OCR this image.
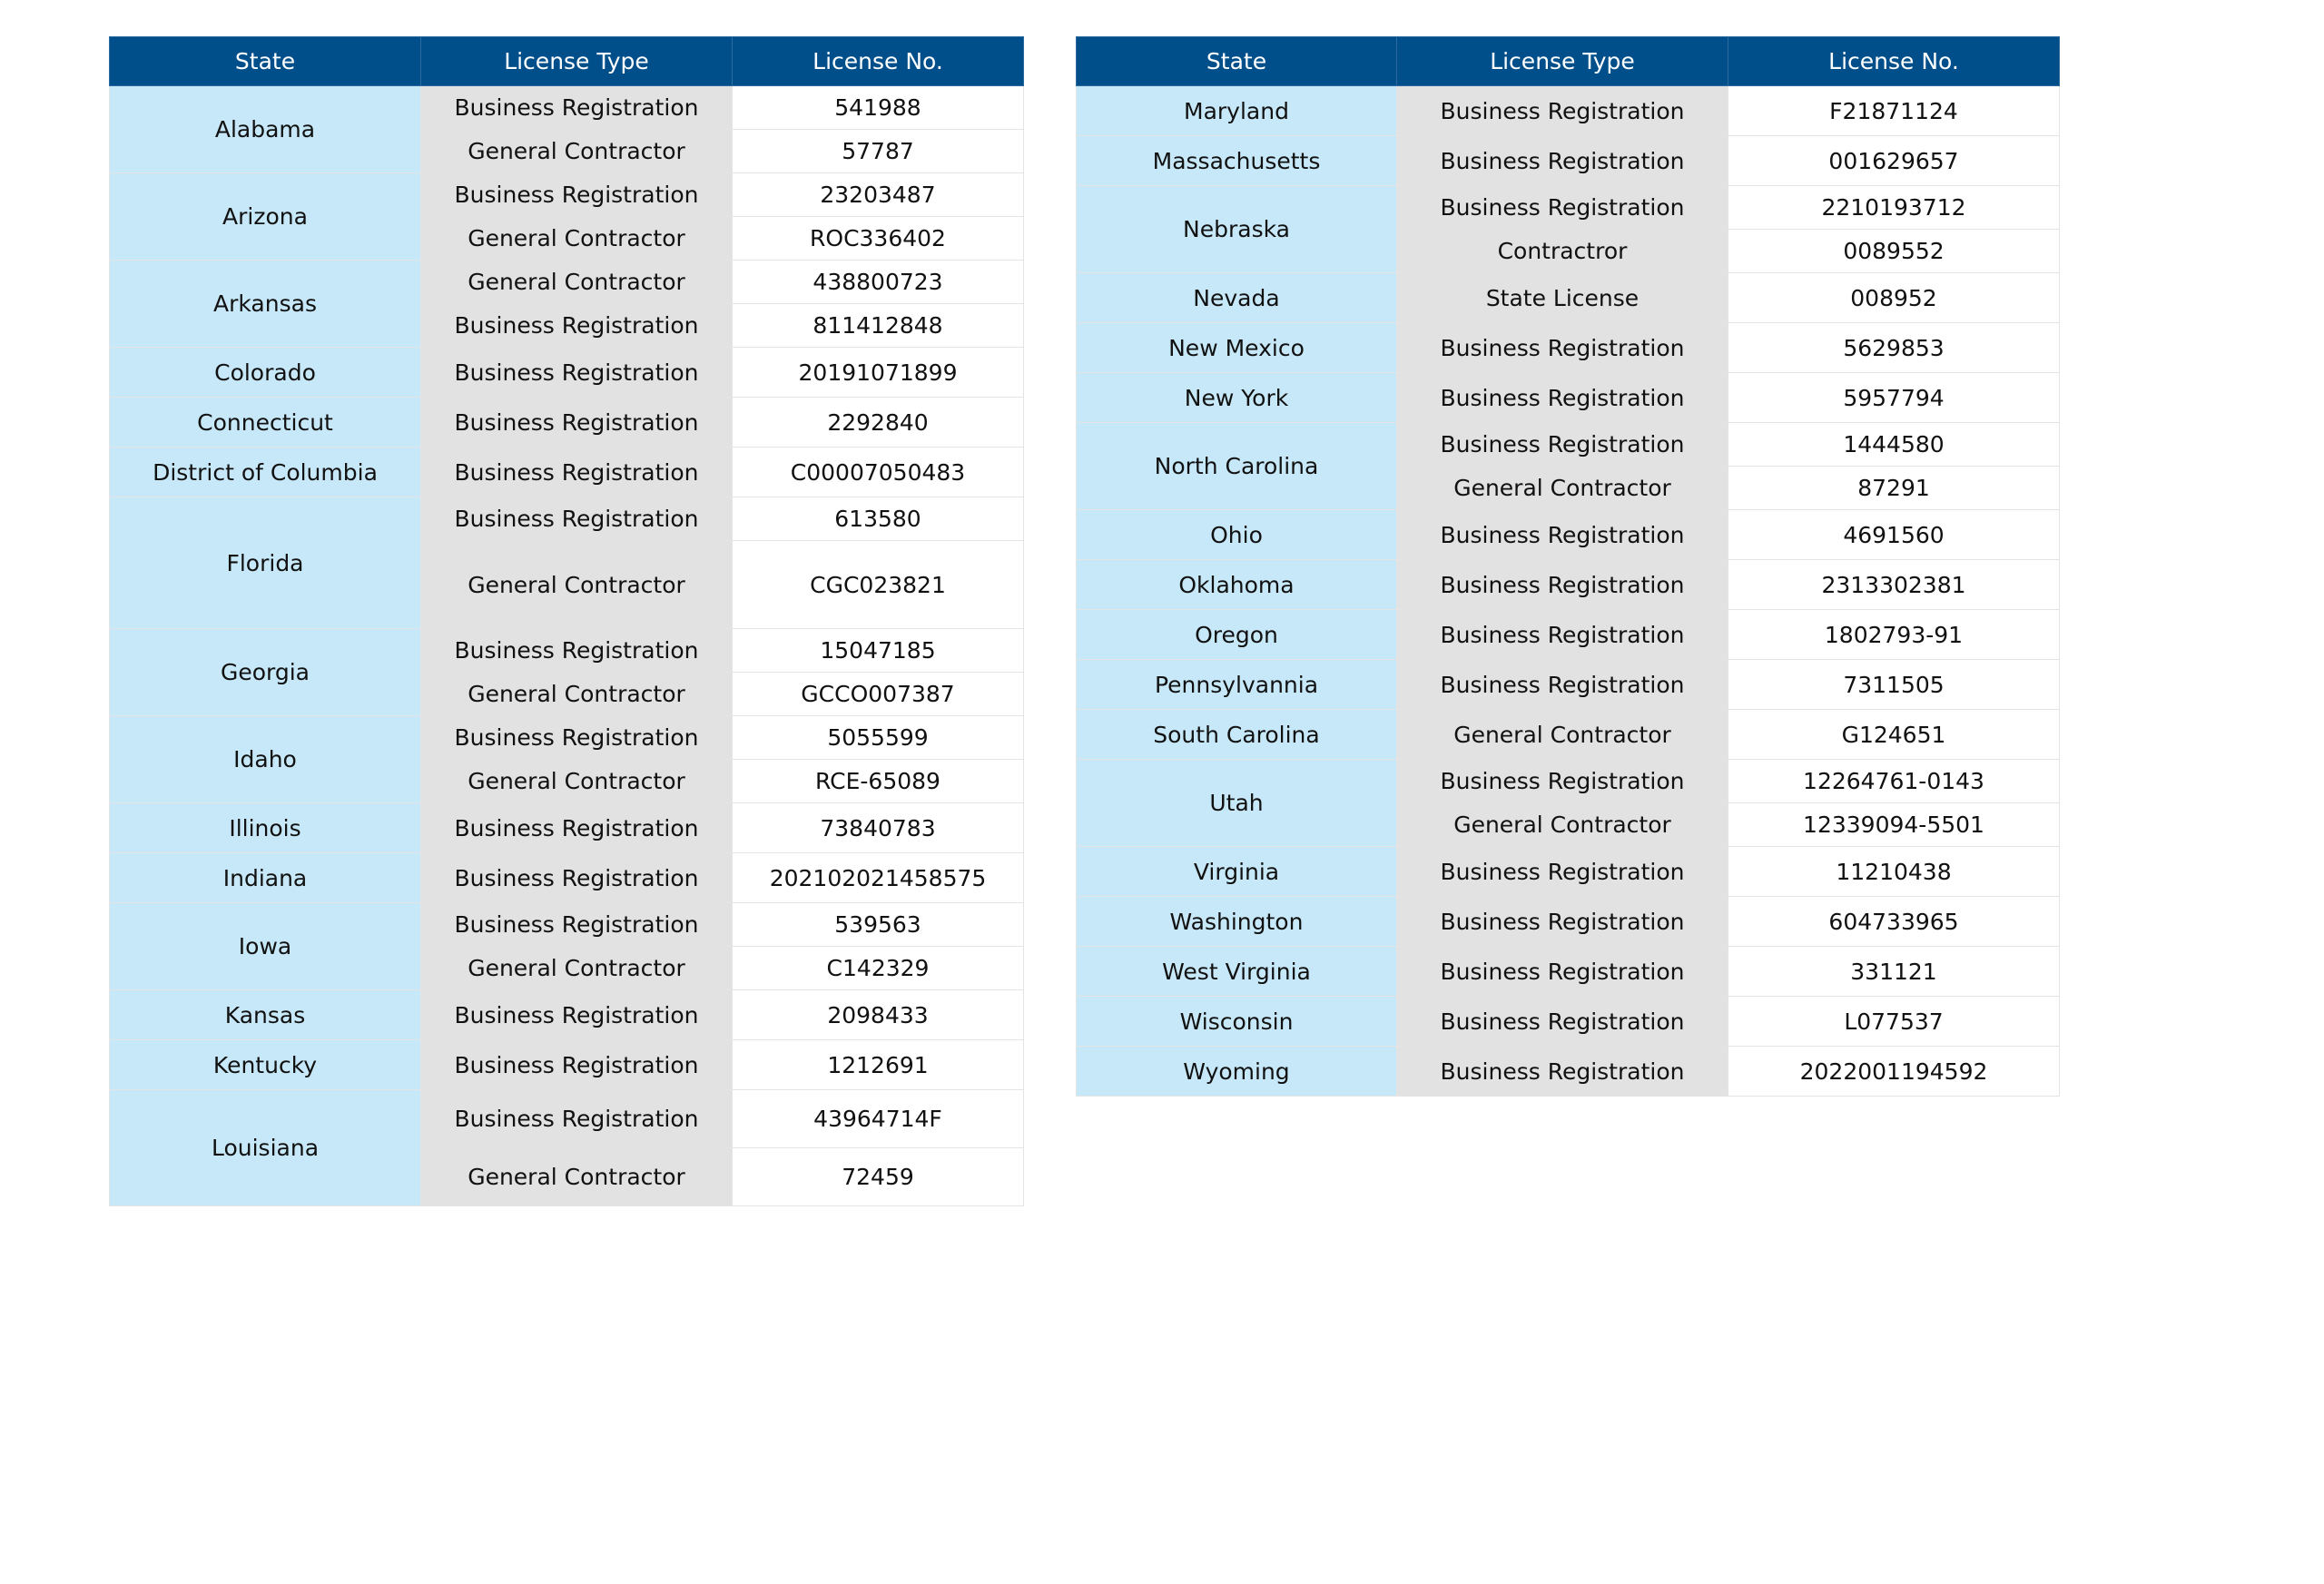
State	License Type	License No.
Alabama	Business Registration	541988
	General Contractor	57787
Arizona	Business Registration	23203487
	General Contractor	ROC336402
Arkansas	General Contractor	438800723
	Business Registration	811412848
Colorado	Business Registration	20191071899
Connecticut	Business Registration	2292840
District of Columbia	Business Registration	C00007050483
Florida	Business Registration	613580
	General Contractor	CGC023821
Georgia	Business Registration	15047185
	General Contractor	GCCO007387
Idaho	Business Registration	5055599
	General Contractor	RCE-65089
Illinois	Business Registration	73840783
Indiana	Business Registration	202102021458575
Iowa	Business Registration	539563
	General Contractor	C142329
Kansas	Business Registration	2098433
Kentucky	Business Registration	1212691
Louisiana	Business Registration	43964714F
	General Contractor	72459
State	License Type	License No.
Maryland	Business Registration	F21871124
Massachusetts	Business Registration	001629657
Nebraska	Business Registration	2210193712
	Contractror	0089552
Nevada	State License	008952
New Mexico	Business Registration	5629853
New York	Business Registration	5957794
North Carolina	Business Registration	1444580
	General Contractor	87291
Ohio	Business Registration	4691560
Oklahoma	Business Registration	2313302381
Oregon	Business Registration	1802793-91
Pennsylvannia	Business Registration	7311505
South Carolina	General Contractor	G124651
Utah	Business Registration	12264761-0143
	General Contractor	12339094-5501
Virginia	Business Registration	11210438
Washington	Business Registration	604733965
West Virginia	Business Registration	331121
Wisconsin	Business Registration	L077537
Wyoming	Business Registration	2022001194592
